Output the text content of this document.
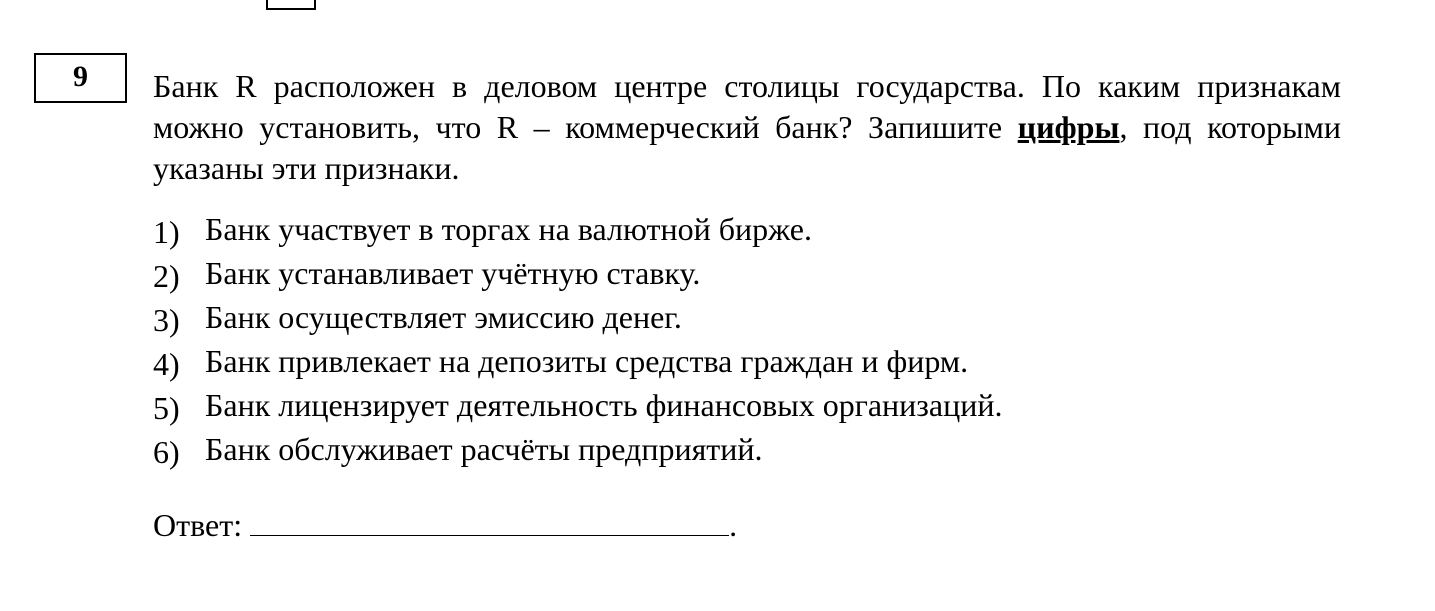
9	Банк R расположен в деловом центре столицы государства. По каким признакам можно установить, что R – коммерческий банк? Запишите цифры, под которыми указаны эти признаки.

1) Банк участвует в торгах на валютной бирже.
2) Банк устанавливает учётную ставку.
3) Банк осуществляет эмиссию денег.
4) Банк привлекает на депозиты средства граждан и фирм.
5) Банк лицензирует деятельность финансовых организаций.
6) Банк обслуживает расчёты предприятий.
Ответ:	.
